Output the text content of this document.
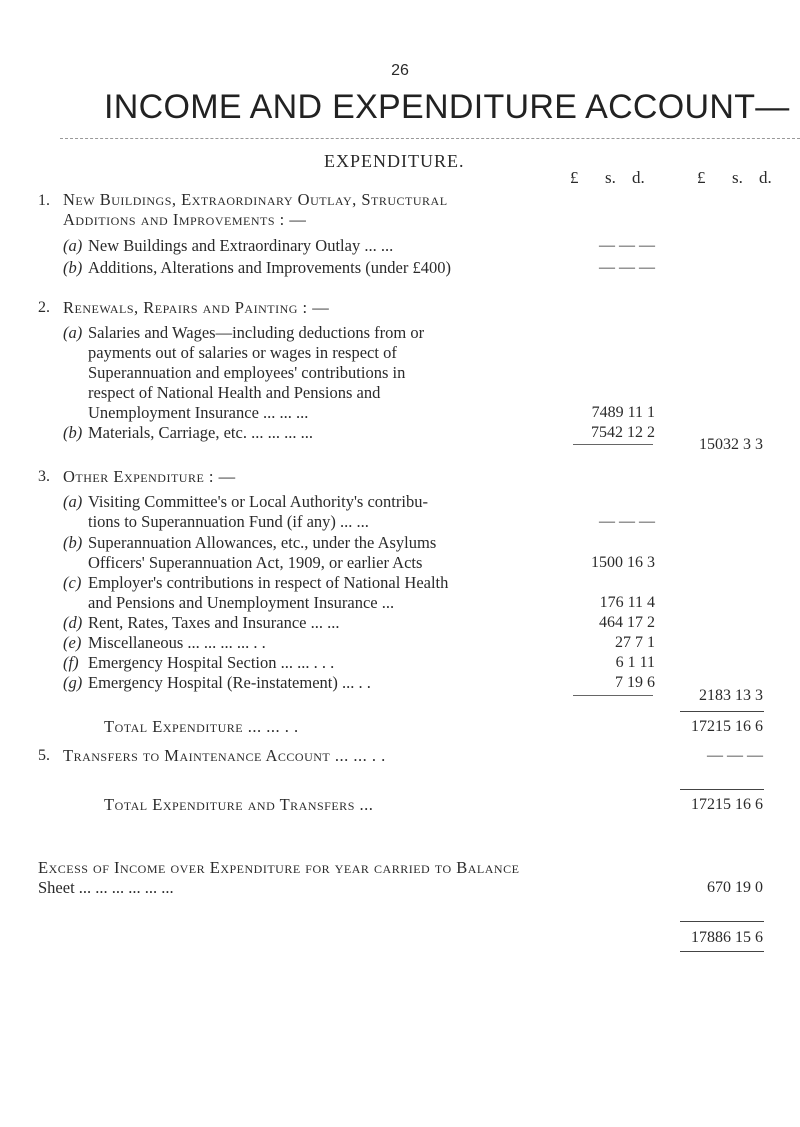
26
INCOME AND EXPENDITURE ACCOUNT—
EXPENDITURE.
£ s. d.	£ s. d.
1. New Buildings, Extraordinary Outlay, Structural
Additions and Improvements : —
(a) New Buildings and Extraordinary Outlay ... ...	— — —
(b) Additions, Alterations and Improvements (under £400)	— — —
2. Renewals, Repairs and Painting : —
(a) Salaries and Wages—including deductions from or
payments out of salaries or wages in respect of
Superannuation and employees' contributions in
respect of National Health and Pensions and
Unemployment Insurance ... ... ...	7489 11 1
(b) Materials, Carriage, etc. ... ... ... ...	7542 12 2
15032 3 3
3. Other Expenditure : —
(a) Visiting Committee's or Local Authority's contribu-
tions to Superannuation Fund (if any) ... ...	— — —
(b) Superannuation Allowances, etc., under the Asylums
Officers' Superannuation Act, 1909, or earlier Acts	1500 16 3
(c) Employer's contributions in respect of National Health
and Pensions and Unemployment Insurance ...	176 11 4
(d) Rent, Rates, Taxes and Insurance ... ...	464 17 2
(e) Miscellaneous ... ... ... ... . .	27 7 1
(f) Emergency Hospital Section ... ... . . .	6 1 11
(g) Emergency Hospital (Re-instatement) ... . .	7 19 6
2183 13 3
Total Expenditure ... ... . .	17215 16 6
5. Transfers to Maintenance Account ... ... . .	— — —
Total Expenditure and Transfers ...	17215 16 6
Excess of Income over Expenditure for year carried to Balance
Sheet ... ... ... ... ... ...	670 19 0
17886 15 6
